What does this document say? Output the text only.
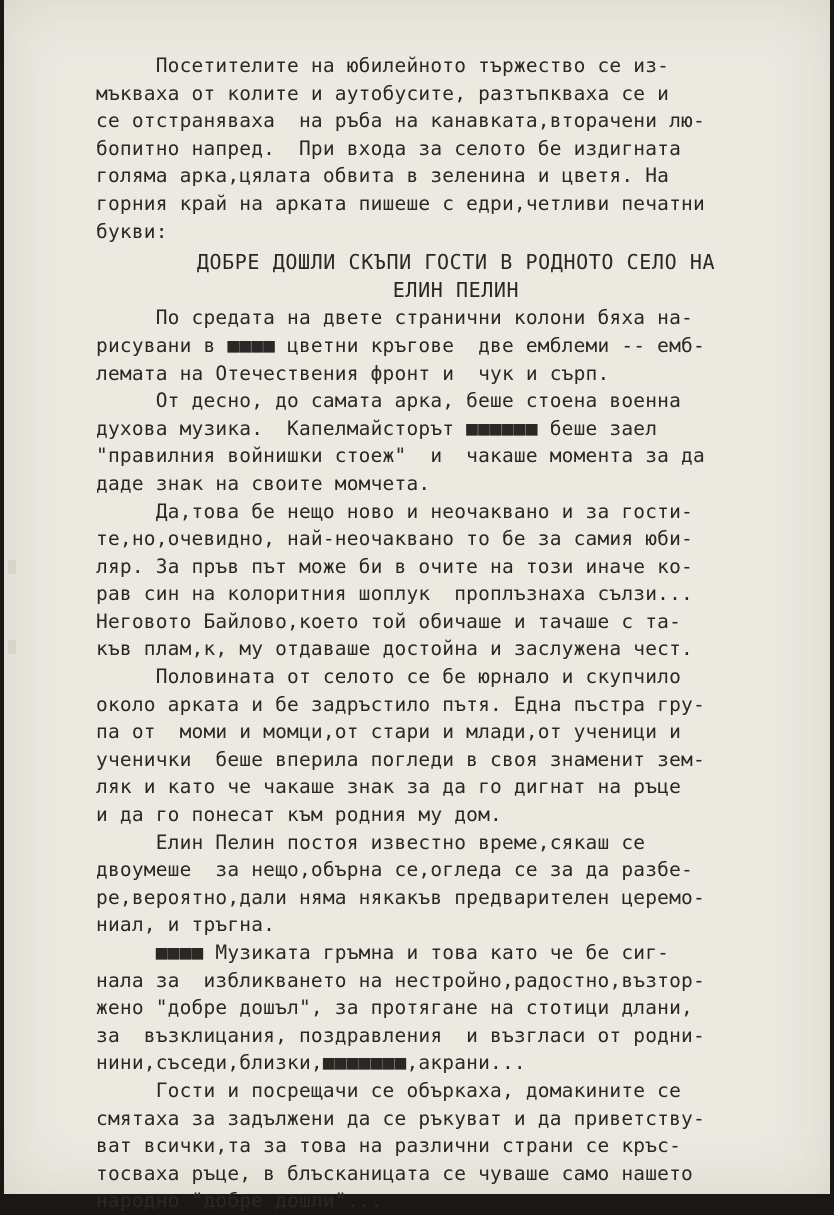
Посетителите на юбилейното тържество се из-
мъкваха от колите и аутобусите, разтъпкваха се и
се отстраняваха  на ръба на канавката,вторачени лю-
бопитно напред.  При входа за селото бе издигната
голяма арка,цялата обвита в зеленина и цветя. На
горния край на арката пишеше с едри,четливи печатни
букви:
ДОБРЕ ДОШЛИ СКЪПИ ГОСТИ В РОДНОТО СЕЛО НА
ЕЛИН ПЕЛИН
По средата на двете странични колони бяха на-
рисувани в ■■■■ цветни кръгове  две емблеми -- емб-
лемата на Отечествения фронт и  чук и сърп.
От десно, до самата арка, беше стоена военна
духова музика.  Капелмайсторът ■■■■■■ беше заел
"правилния войнишки стоеж"  и  чакаше момента за да
даде знак на своите момчета.
Да,това бе нещо ново и неочаквано и за гости-
те,но,очевидно, най-неочаквано то бе за самия юби-
ляр. За пръв път може би в очите на този иначе ко-
рав син на колоритния шоплук  проплъзнаха сълзи...
Неговото Байлово,което той обичаше и тачаше с та-
къв плам,к, му отдаваше достойна и заслужена чест.
Половината от селото се бе юрнало и скупчило
около арката и бе задръстило пътя. Една пъстра гру-
па от  моми и момци,от стари и млади,от ученици и
ученички  беше вперила погледи в своя знаменит зем-
ляк и като че чакаше знак за да го дигнат на ръце
и да го понесат към родния му дом.
Елин Пелин постоя известно време,сякаш се
двоумеше  за нещо,обърна се,огледа се за да разбе-
ре,вероятно,дали няма някакъв предварителен церемо-
ниал, и тръгна.
■■■■ Музиката гръмна и това като че бе сиг-
нала за  избликването на нестройно,радостно,възтор-
жено "добре дошъл", за протягане на стотици длани,
за  възклицания, поздравления  и възгласи от родни-
нини,съседи,близки,■■■■■■■,акрани...
Гости и посрещачи се объркаха, домакините се
смятаха за задължени да се ръкуват и да приветству-
ват всички,та за това на различни страни се кръс-
тосваха ръце, в блъсканицата се чуваше само нашето
народно "добре дошли"...
